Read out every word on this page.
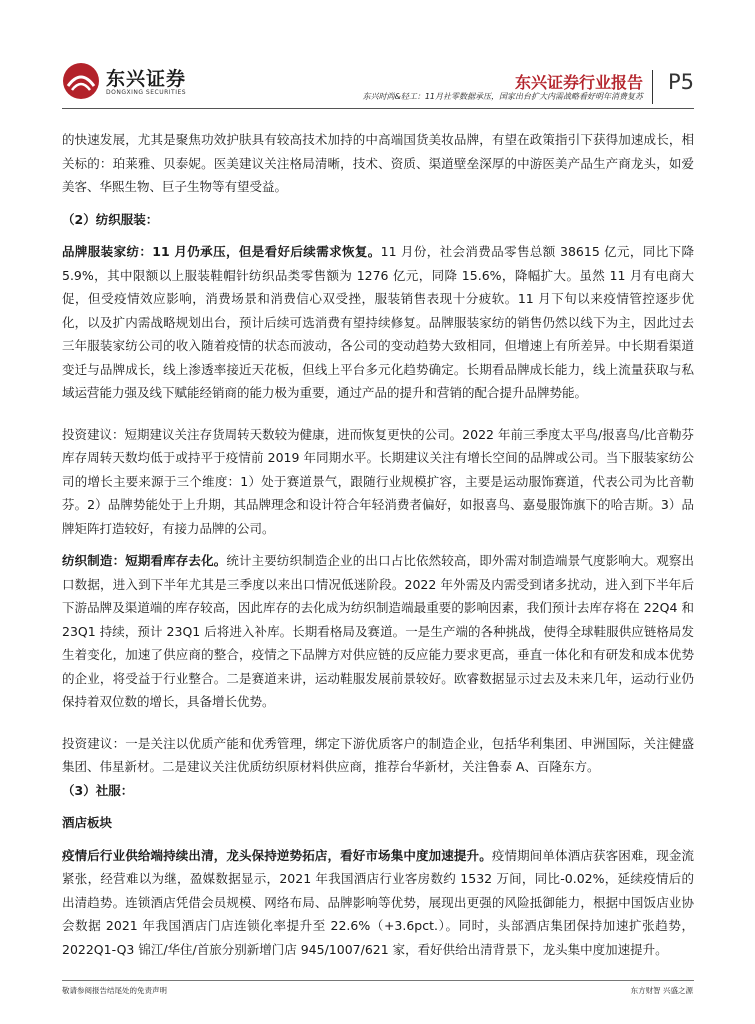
东兴证券
DONGXING SECURITIES
东兴证券行业报告
东兴时尚&轻工：11月社零数据承压，国家出台扩大内需战略看好明年消费复苏
P5

的快速发展，尤其是聚焦功效护肤具有较高技术加持的中高端国货美妆品牌，有望在政策指引下获得加速成长，相关标的：珀莱雅、贝泰妮。医美建议关注格局清晰，技术、资质、渠道壁垒深厚的中游医美产品生产商龙头，如爱美客、华熙生物、巨子生物等有望受益。

（2）纺织服装：

品牌服装家纺：11 月仍承压，但是看好后续需求恢复。11 月份，社会消费品零售总额 38615 亿元，同比下降 5.9%，其中限额以上服装鞋帽针纺织品类零售额为 1276 亿元，同降 15.6%，降幅扩大。虽然 11 月有电商大促，但受疫情效应影响，消费场景和消费信心双受挫，服装销售表现十分疲软。11 月下旬以来疫情管控逐步优化，以及扩内需战略规划出台，预计后续可选消费有望持续修复。品牌服装家纺的销售仍然以线下为主，因此过去三年服装家纺公司的收入随着疫情的状态而波动，各公司的变动趋势大致相同，但增速上有所差异。中长期看渠道变迁与品牌成长，线上渗透率接近天花板，但线上平台多元化趋势确定。长期看品牌成长能力，线上流量获取与私域运营能力强及线下赋能经销商的能力极为重要，通过产品的提升和营销的配合提升品牌势能。

投资建议：短期建议关注存货周转天数较为健康，进而恢复更快的公司。2022 年前三季度太平鸟/报喜鸟/比音勒芬库存周转天数均低于或持平于疫情前 2019 年同期水平。长期建议关注有增长空间的品牌或公司。当下服装家纺公司的增长主要来源于三个维度：1）处于赛道景气，跟随行业规模扩容，主要是运动服饰赛道，代表公司为比音勒芬。2）品牌势能处于上升期，其品牌理念和设计符合年轻消费者偏好，如报喜鸟、嘉曼服饰旗下的哈吉斯。3）品牌矩阵打造较好，有接力品牌的公司。

纺织制造：短期看库存去化。统计主要纺织制造企业的出口占比依然较高，即外需对制造端景气度影响大。观察出口数据，进入到下半年尤其是三季度以来出口情况低迷阶段。2022 年外需及内需受到诸多扰动，进入到下半年后下游品牌及渠道端的库存较高，因此库存的去化成为纺织制造端最重要的影响因素，我们预计去库存将在 22Q4 和 23Q1 持续，预计 23Q1 后将进入补库。长期看格局及赛道。一是生产端的各种挑战，使得全球鞋服供应链格局发生着变化，加速了供应商的整合，疫情之下品牌方对供应链的反应能力要求更高，垂直一体化和有研发和成本优势的企业，将受益于行业整合。二是赛道来讲，运动鞋服发展前景较好。欧睿数据显示过去及未来几年，运动行业仍保持着双位数的增长，具备增长优势。

投资建议：一是关注以优质产能和优秀管理，绑定下游优质客户的制造企业，包括华利集团、申洲国际，关注健盛集团、伟星新材。二是建议关注优质纺织原材料供应商，推荐台华新材，关注鲁泰 A、百隆东方。

（3）社服：

酒店板块

疫情后行业供给端持续出清，龙头保持逆势拓店，看好市场集中度加速提升。疫情期间单体酒店获客困难，现金流紧张，经营难以为继，盈媒数据显示，2021 年我国酒店行业客房数约 1532 万间，同比-0.02%，延续疫情后的出清趋势。连锁酒店凭借会员规模、网络布局、品牌影响等优势，展现出更强的风险抵御能力，根据中国饭店业协会数据 2021 年我国酒店门店连锁化率提升至 22.6%（+3.6pct.）。同时，头部酒店集团保持加速扩张趋势，2022Q1-Q3 锦江/华住/首旅分别新增门店 945/1007/621 家，看好供给出清背景下，龙头集中度加速提升。

敬请参阅报告结尾处的免责声明	东方财智 兴盛之源
